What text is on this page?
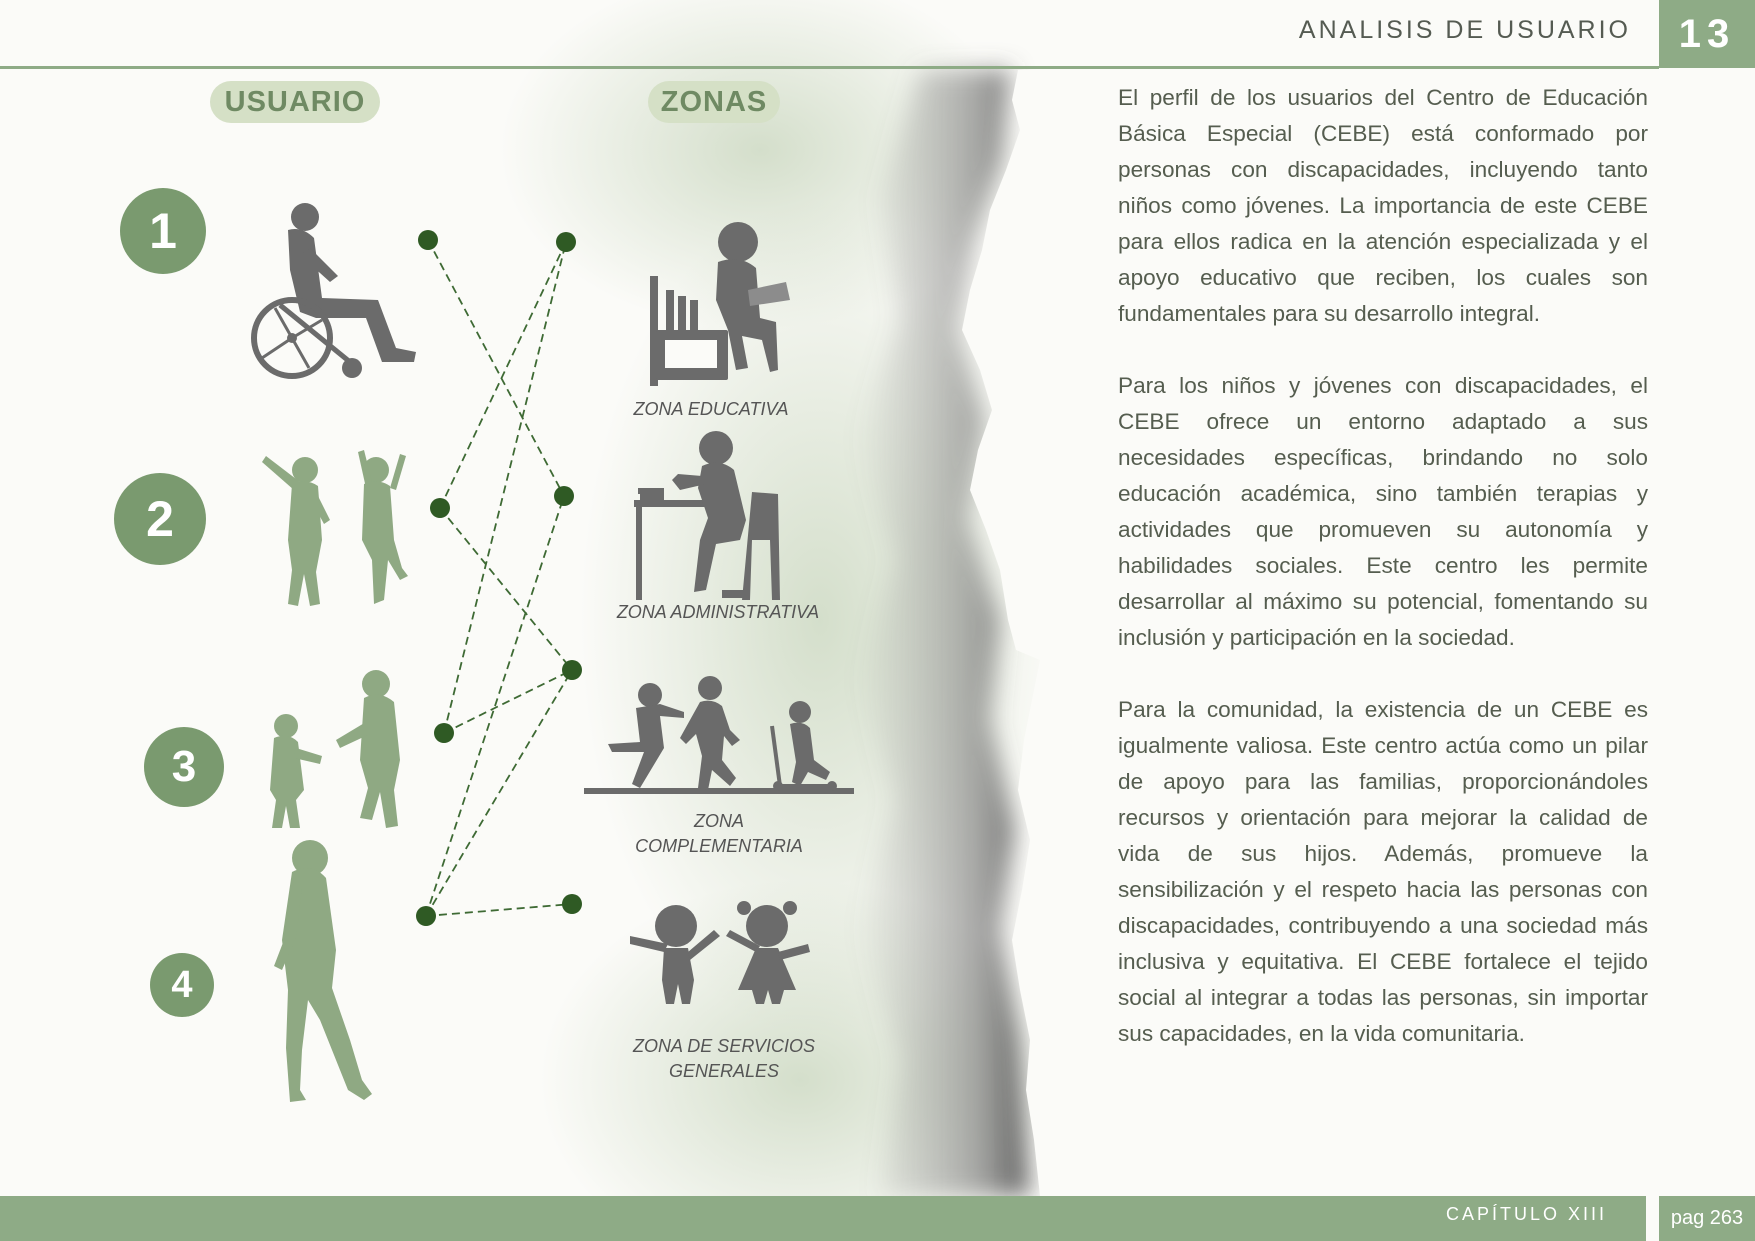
ANALISIS DE USUARIO	13
USUARIO	ZONAS
1
2
3
4
ZONA EDUCATIVA
ZONA ADMINISTRATIVA
ZONA
COMPLEMENTARIA
ZONA DE SERVICIOS
GENERALES

El perfil de los usuarios del Centro de Educación Básica Especial (CEBE) está conformado por personas con discapacidades, incluyendo tanto niños como jóvenes. La importancia de este CEBE para ellos radica en la atención especializada y el apoyo educativo que reciben, los cuales son fundamentales para su desarrollo integral.

Para los niños y jóvenes con discapacidades, el CEBE ofrece un entorno adaptado a sus necesidades específicas, brindando no solo educación académica, sino también terapias y actividades que promueven su autonomía y habilidades sociales. Este centro les permite desarrollar al máximo su potencial, fomentando su inclusión y participación en la sociedad.

Para la comunidad, la existencia de un CEBE es igualmente valiosa. Este centro actúa como un pilar de apoyo para las familias, proporcionándoles recursos y orientación para mejorar la calidad de vida de sus hijos. Además, promueve la sensibilización y el respeto hacia las personas con discapacidades, contribuyendo a una sociedad más inclusiva y equitativa. El CEBE fortalece el tejido social al integrar a todas las personas, sin importar sus capacidades, en la vida comunitaria.

CAPÍTULO XIII	pag 263
